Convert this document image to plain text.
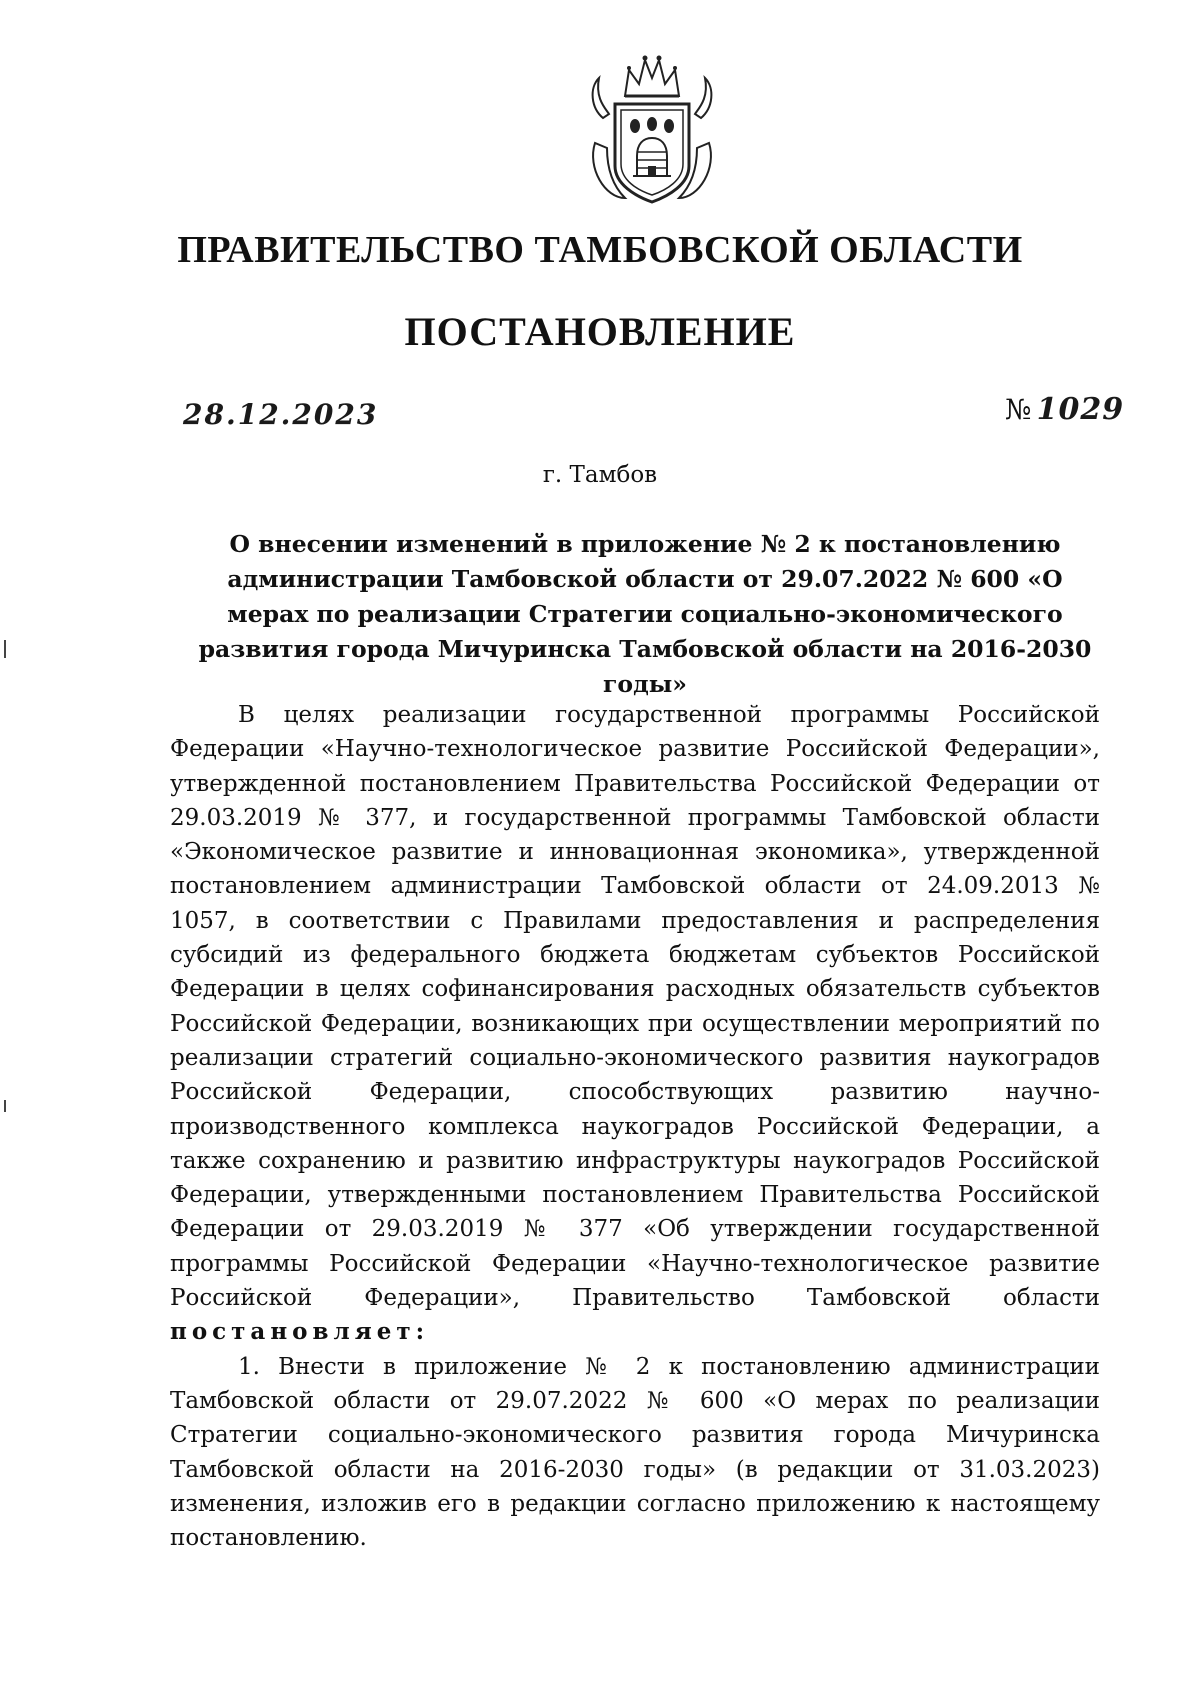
ПРАВИТЕЛЬСТВО ТАМБОВСКОЙ ОБЛАСТИ
ПОСТАНОВЛЕНИЕ
28.12.2023	№ 1029
г. Тамбов
О внесении изменений в приложение № 2 к постановлению администрации Тамбовской области от 29.07.2022 № 600 «О мерах по реализации Стратегии социально-экономического развития города Мичуринска Тамбовской области на 2016-2030 годы»

В целях реализации государственной программы Российской Федерации «Научно-технологическое развитие Российской Федерации», утвержденной постановлением Правительства Российской Федерации от 29.03.2019 № 377, и государственной программы Тамбовской области «Экономическое развитие и инновационная экономика», утвержденной постановлением администрации Тамбовской области от 24.09.2013 № 1057, в соответствии с Правилами предоставления и распределения субсидий из федерального бюджета бюджетам субъектов Российской Федерации в целях софинансирования расходных обязательств субъектов Российской Федерации, возникающих при осуществлении мероприятий по реализации стратегий социально-экономического развития наукоградов Российской Федерации, способствующих развитию научно-производственного комплекса наукоградов Российской Федерации, а также сохранению и развитию инфраструктуры наукоградов Российской Федерации, утвержденными постановлением Правительства Российской Федерации от 29.03.2019 № 377 «Об утверждении государственной программы Российской Федерации «Научно-технологическое развитие Российской Федерации», Правительство Тамбовской области постановляет:

1. Внести в приложение № 2 к постановлению администрации Тамбовской области от 29.07.2022 № 600 «О мерах по реализации Стратегии социально-экономического развития города Мичуринска Тамбовской области на 2016-2030 годы» (в редакции от 31.03.2023) изменения, изложив его в редакции согласно приложению к настоящему постановлению.
